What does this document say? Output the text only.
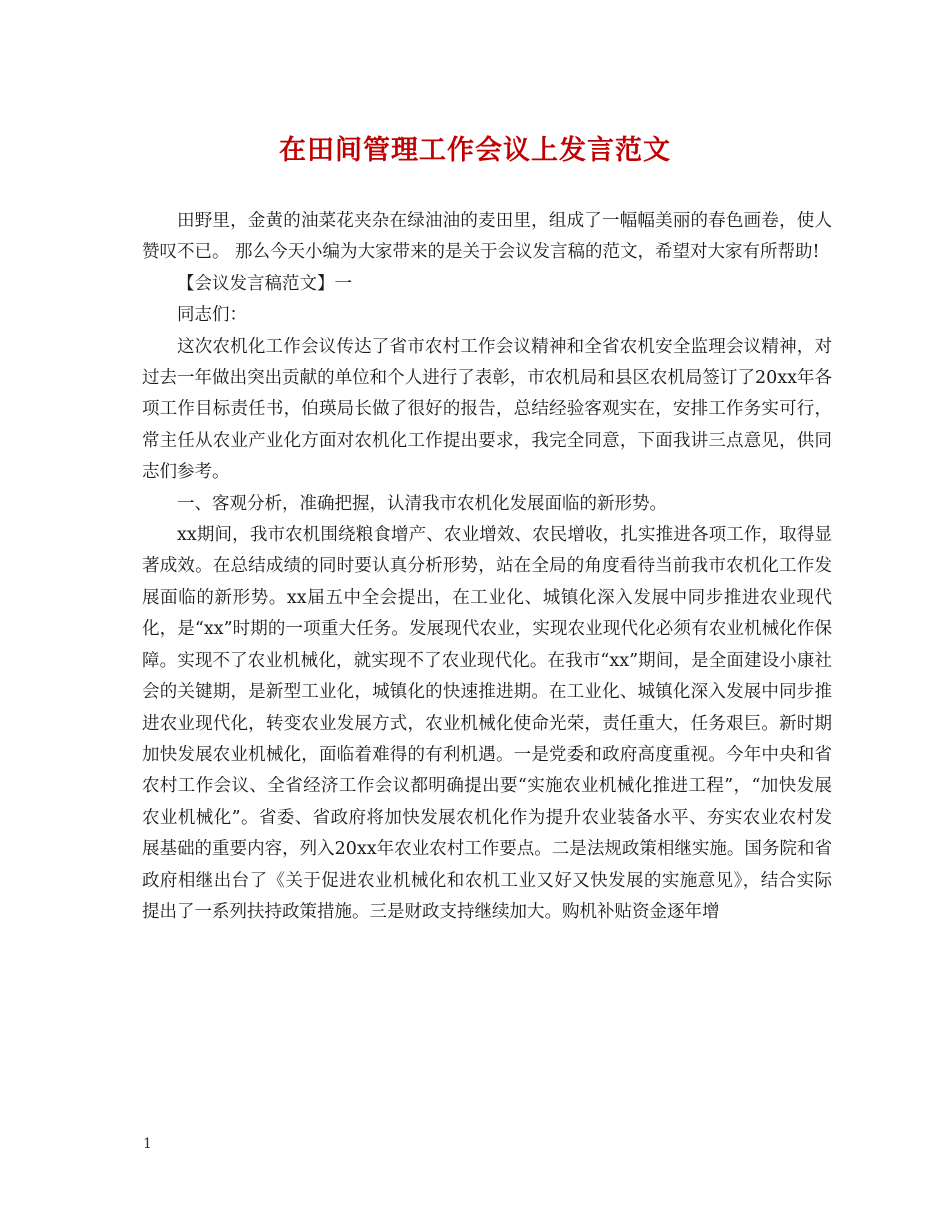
在田间管理工作会议上发言范文

田野里，金黄的油菜花夹杂在绿油油的麦田里，组成了一幅幅美丽的春色画卷，使人赞叹不已。 那么今天小编为大家带来的是关于会议发言稿的范文，希望对大家有所帮助!

【会议发言稿范文】一

同志们：

这次农机化工作会议传达了省市农村工作会议精神和全省农机安全监理会议精神，对过去一年做出突出贡献的单位和个人进行了表彰，市农机局和县区农机局签订了20xx年各项工作目标责任书，伯瑛局长做了很好的报告，总结经验客观实在，安排工作务实可行，常主任从农业产业化方面对农机化工作提出要求，我完全同意，下面我讲三点意见，供同志们参考。

一、客观分析，准确把握，认清我市农机化发展面临的新形势。

xx期间，我市农机围绕粮食增产、农业增效、农民增收，扎实推进各项工作，取得显著成效。在总结成绩的同时要认真分析形势，站在全局的角度看待当前我市农机化工作发展面临的新形势。xx届五中全会提出，在工业化、城镇化深入发展中同步推进农业现代化，是“xx”时期的一项重大任务。发展现代农业，实现农业现代化必须有农业机械化作保障。实现不了农业机械化，就实现不了农业现代化。在我市“xx”期间，是全面建设小康社会的关键期，是新型工业化，城镇化的快速推进期。在工业化、城镇化深入发展中同步推进农业现代化，转变农业发展方式，农业机械化使命光荣，责任重大，任务艰巨。新时期加快发展农业机械化，面临着难得的有利机遇。一是党委和政府高度重视。今年中央和省农村工作会议、全省经济工作会议都明确提出要“实施农业机械化推进工程”，“加快发展农业机械化”。省委、省政府将加快发展农机化作为提升农业装备水平、夯实农业农村发展基础的重要内容，列入20xx年农业农村工作要点。二是法规政策相继实施。国务院和省政府相继出台了《关于促进农业机械化和农机工业又好又快发展的实施意见》，结合实际提出了一系列扶持政策措施。三是财政支持继续加大。购机补贴资金逐年增

1
